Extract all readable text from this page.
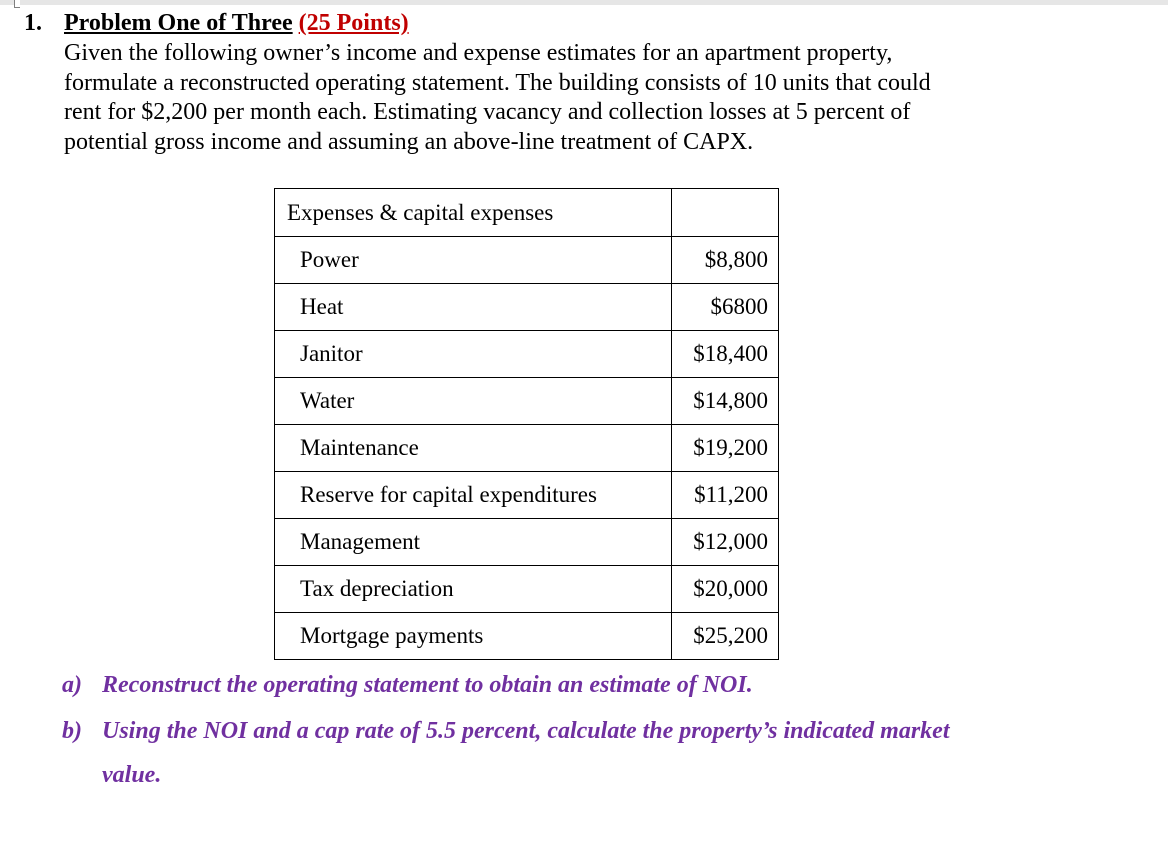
1. Problem One of Three (25 Points)
Given the following owner’s income and expense estimates for an apartment property,
formulate a reconstructed operating statement. The building consists of 10 units that could
rent for $2,200 per month each. Estimating vacancy and collection losses at 5 percent of
potential gross income and assuming an above-line treatment of CAPX.
Expenses & capital expenses	
Power	$8,800
Heat	$6800
Janitor	$18,400
Water	$14,800
Maintenance	$19,200
Reserve for capital expenditures	$11,200
Management	$12,000
Tax depreciation	$20,000
Mortgage payments	$25,200
a) Reconstruct the operating statement to obtain an estimate of NOI.
b) Using the NOI and a cap rate of 5.5 percent, calculate the property’s indicated market
value.
